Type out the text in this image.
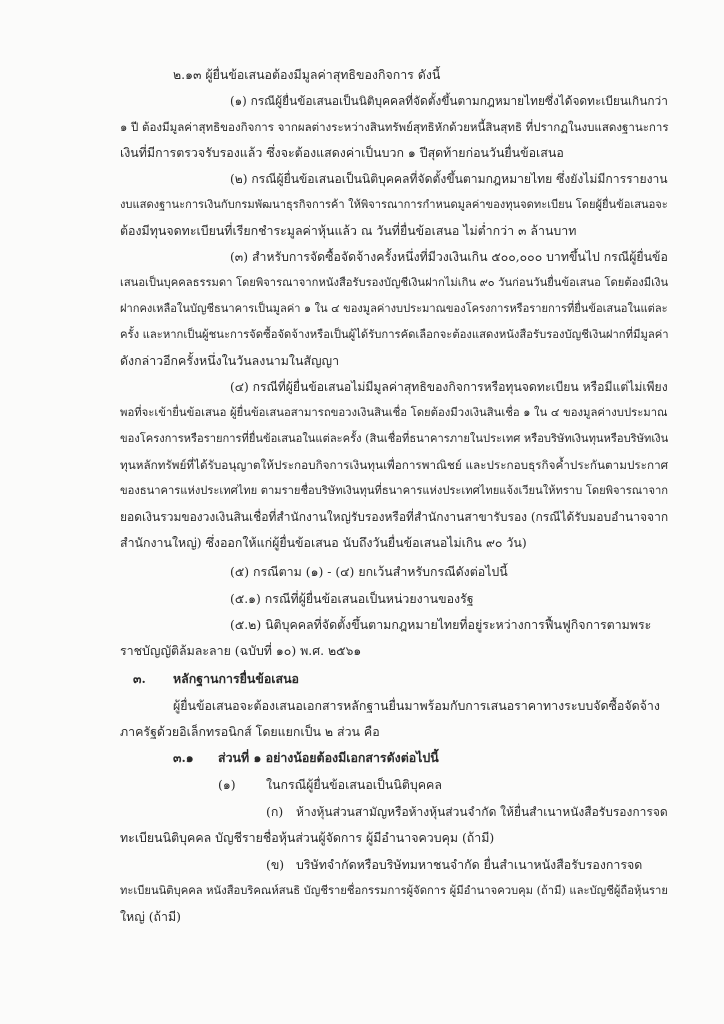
๒.๑๓ ผู้ยื่นข้อเสนอต้องมีมูลค่าสุทธิของกิจการ ดังนี้
(๑) กรณีผู้ยื่นข้อเสนอเป็นนิติบุคคลที่จัดตั้งขึ้นตามกฎหมายไทยซึ่งได้จดทะเบียนเกินกว่า
๑ ปี ต้องมีมูลค่าสุทธิของกิจการ จากผลต่างระหว่างสินทรัพย์สุทธิหักด้วยหนี้สินสุทธิ ที่ปรากฏในงบแสดงฐานะการ
เงินที่มีการตรวจรับรองแล้ว ซึ่งจะต้องแสดงค่าเป็นบวก ๑ ปีสุดท้ายก่อนวันยื่นข้อเสนอ
(๒) กรณีผู้ยื่นข้อเสนอเป็นนิติบุคคลที่จัดตั้งขึ้นตามกฎหมายไทย ซึ่งยังไม่มีการรายงาน
งบแสดงฐานะการเงินกับกรมพัฒนาธุรกิจการค้า ให้พิจารณาการกำหนดมูลค่าของทุนจดทะเบียน โดยผู้ยื่นข้อเสนอจะ
ต้องมีทุนจดทะเบียนที่เรียกชำระมูลค่าหุ้นแล้ว ณ วันที่ยื่นข้อเสนอ ไม่ต่ำกว่า ๓ ล้านบาท
(๓) สำหรับการจัดซื้อจัดจ้างครั้งหนึ่งที่มีวงเงินเกิน ๕๐๐,๐๐๐ บาทขึ้นไป กรณีผู้ยื่นข้อ
เสนอเป็นบุคคลธรรมดา โดยพิจารณาจากหนังสือรับรองบัญชีเงินฝากไม่เกิน ๙๐ วันก่อนวันยื่นข้อเสนอ โดยต้องมีเงิน
ฝากคงเหลือในบัญชีธนาคารเป็นมูลค่า ๑ ใน ๔ ของมูลค่างบประมาณของโครงการหรือรายการที่ยื่นข้อเสนอในแต่ละ
ครั้ง และหากเป็นผู้ชนะการจัดซื้อจัดจ้างหรือเป็นผู้ได้รับการคัดเลือกจะต้องแสดงหนังสือรับรองบัญชีเงินฝากที่มีมูลค่า
ดังกล่าวอีกครั้งหนึ่งในวันลงนามในสัญญา
(๔) กรณีที่ผู้ยื่นข้อเสนอไม่มีมูลค่าสุทธิของกิจการหรือทุนจดทะเบียน หรือมีแต่ไม่เพียง
พอที่จะเข้ายื่นข้อเสนอ ผู้ยื่นข้อเสนอสามารถขอวงเงินสินเชื่อ โดยต้องมีวงเงินสินเชื่อ ๑ ใน ๔ ของมูลค่างบประมาณ
ของโครงการหรือรายการที่ยื่นข้อเสนอในแต่ละครั้ง (สินเชื่อที่ธนาคารภายในประเทศ หรือบริษัทเงินทุนหรือบริษัทเงิน
ทุนหลักทรัพย์ที่ได้รับอนุญาตให้ประกอบกิจการเงินทุนเพื่อการพาณิชย์ และประกอบธุรกิจค้ำประกันตามประกาศ
ของธนาคารแห่งประเทศไทย ตามรายชื่อบริษัทเงินทุนที่ธนาคารแห่งประเทศไทยแจ้งเวียนให้ทราบ โดยพิจารณาจาก
ยอดเงินรวมของวงเงินสินเชื่อที่สำนักงานใหญ่รับรองหรือที่สำนักงานสาขารับรอง (กรณีได้รับมอบอำนาจจาก
สำนักงานใหญ่) ซึ่งออกให้แก่ผู้ยื่นข้อเสนอ นับถึงวันยื่นข้อเสนอไม่เกิน ๙๐ วัน)
(๕) กรณีตาม (๑) - (๔) ยกเว้นสำหรับกรณีดังต่อไปนี้
(๕.๑) กรณีที่ผู้ยื่นข้อเสนอเป็นหน่วยงานของรัฐ
(๕.๒) นิติบุคคลที่จัดตั้งขึ้นตามกฎหมายไทยที่อยู่ระหว่างการฟื้นฟูกิจการตามพระ
ราชบัญญัติล้มละลาย (ฉบับที่ ๑๐) พ.ศ. ๒๕๖๑
๓. หลักฐานการยื่นข้อเสนอ
ผู้ยื่นข้อเสนอจะต้องเสนอเอกสารหลักฐานยื่นมาพร้อมกับการเสนอราคาทางระบบจัดซื้อจัดจ้าง
ภาครัฐด้วยอิเล็กทรอนิกส์ โดยแยกเป็น ๒ ส่วน คือ
๓.๑ ส่วนที่ ๑ อย่างน้อยต้องมีเอกสารดังต่อไปนี้
(๑) ในกรณีผู้ยื่นข้อเสนอเป็นนิติบุคคล
(ก) ห้างหุ้นส่วนสามัญหรือห้างหุ้นส่วนจำกัด ให้ยื่นสำเนาหนังสือรับรองการจด
ทะเบียนนิติบุคคล บัญชีรายชื่อหุ้นส่วนผู้จัดการ ผู้มีอำนาจควบคุม (ถ้ามี)
(ข) บริษัทจำกัดหรือบริษัทมหาชนจำกัด ยื่นสำเนาหนังสือรับรองการจด
ทะเบียนนิติบุคคล หนังสือบริคณห์สนธิ บัญชีรายชื่อกรรมการผู้จัดการ ผู้มีอำนาจควบคุม (ถ้ามี) และบัญชีผู้ถือหุ้นราย
ใหญ่ (ถ้ามี)
